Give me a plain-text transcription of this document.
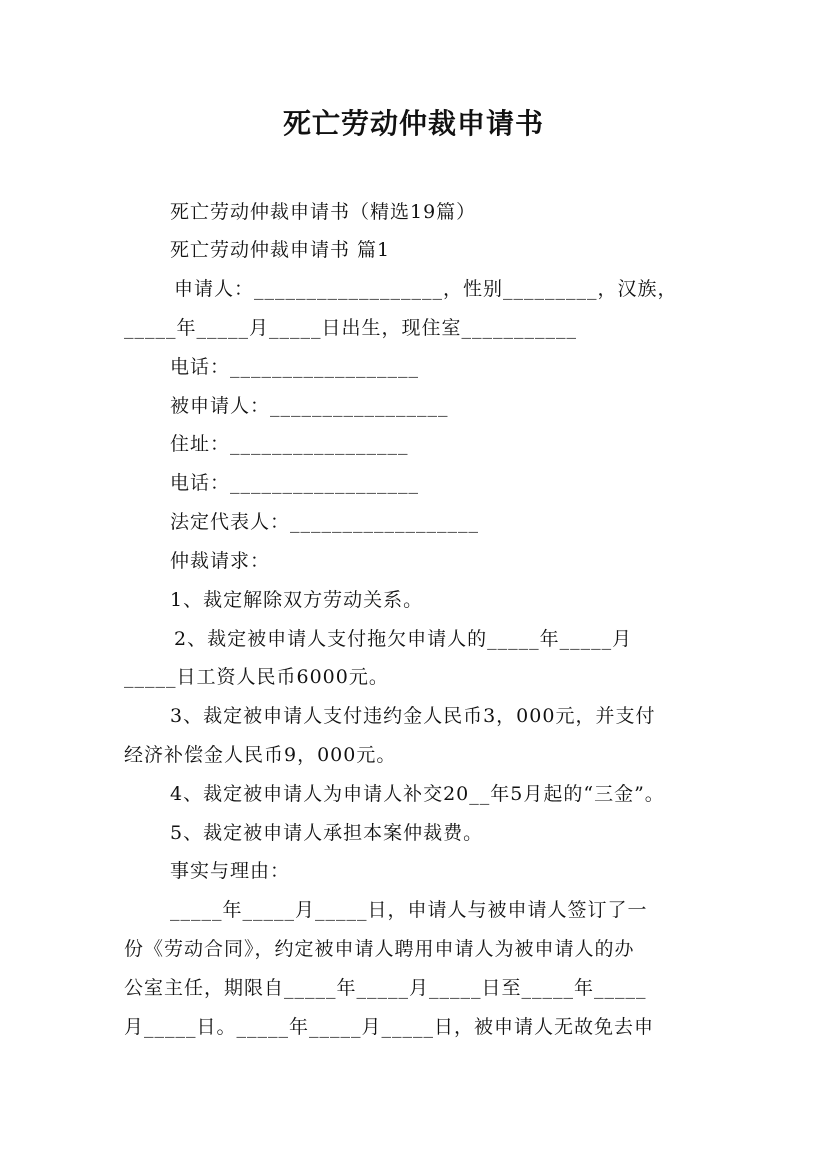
死亡劳动仲裁申请书
死亡劳动仲裁申请书（精选19篇）
死亡劳动仲裁申请书 篇1
申请人：__________________，性别_________，汉族，
_____年_____月_____日出生，现住室___________
电话：__________________
被申请人：_________________
住址：_________________
电话：__________________
法定代表人：__________________
仲裁请求：
1、裁定解除双方劳动关系。
2、裁定被申请人支付拖欠申请人的_____年_____月
_____日工资人民币6000元。
3、裁定被申请人支付违约金人民币3，000元，并支付
经济补偿金人民币9，000元。
4、裁定被申请人为申请人补交20__年5月起的“三金”。
5、裁定被申请人承担本案仲裁费。
事实与理由：
_____年_____月_____日，申请人与被申请人签订了一
份《劳动合同》，约定被申请人聘用申请人为被申请人的办
公室主任，期限自_____年_____月_____日至_____年_____
月_____日。_____年_____月_____日，被申请人无故免去申
